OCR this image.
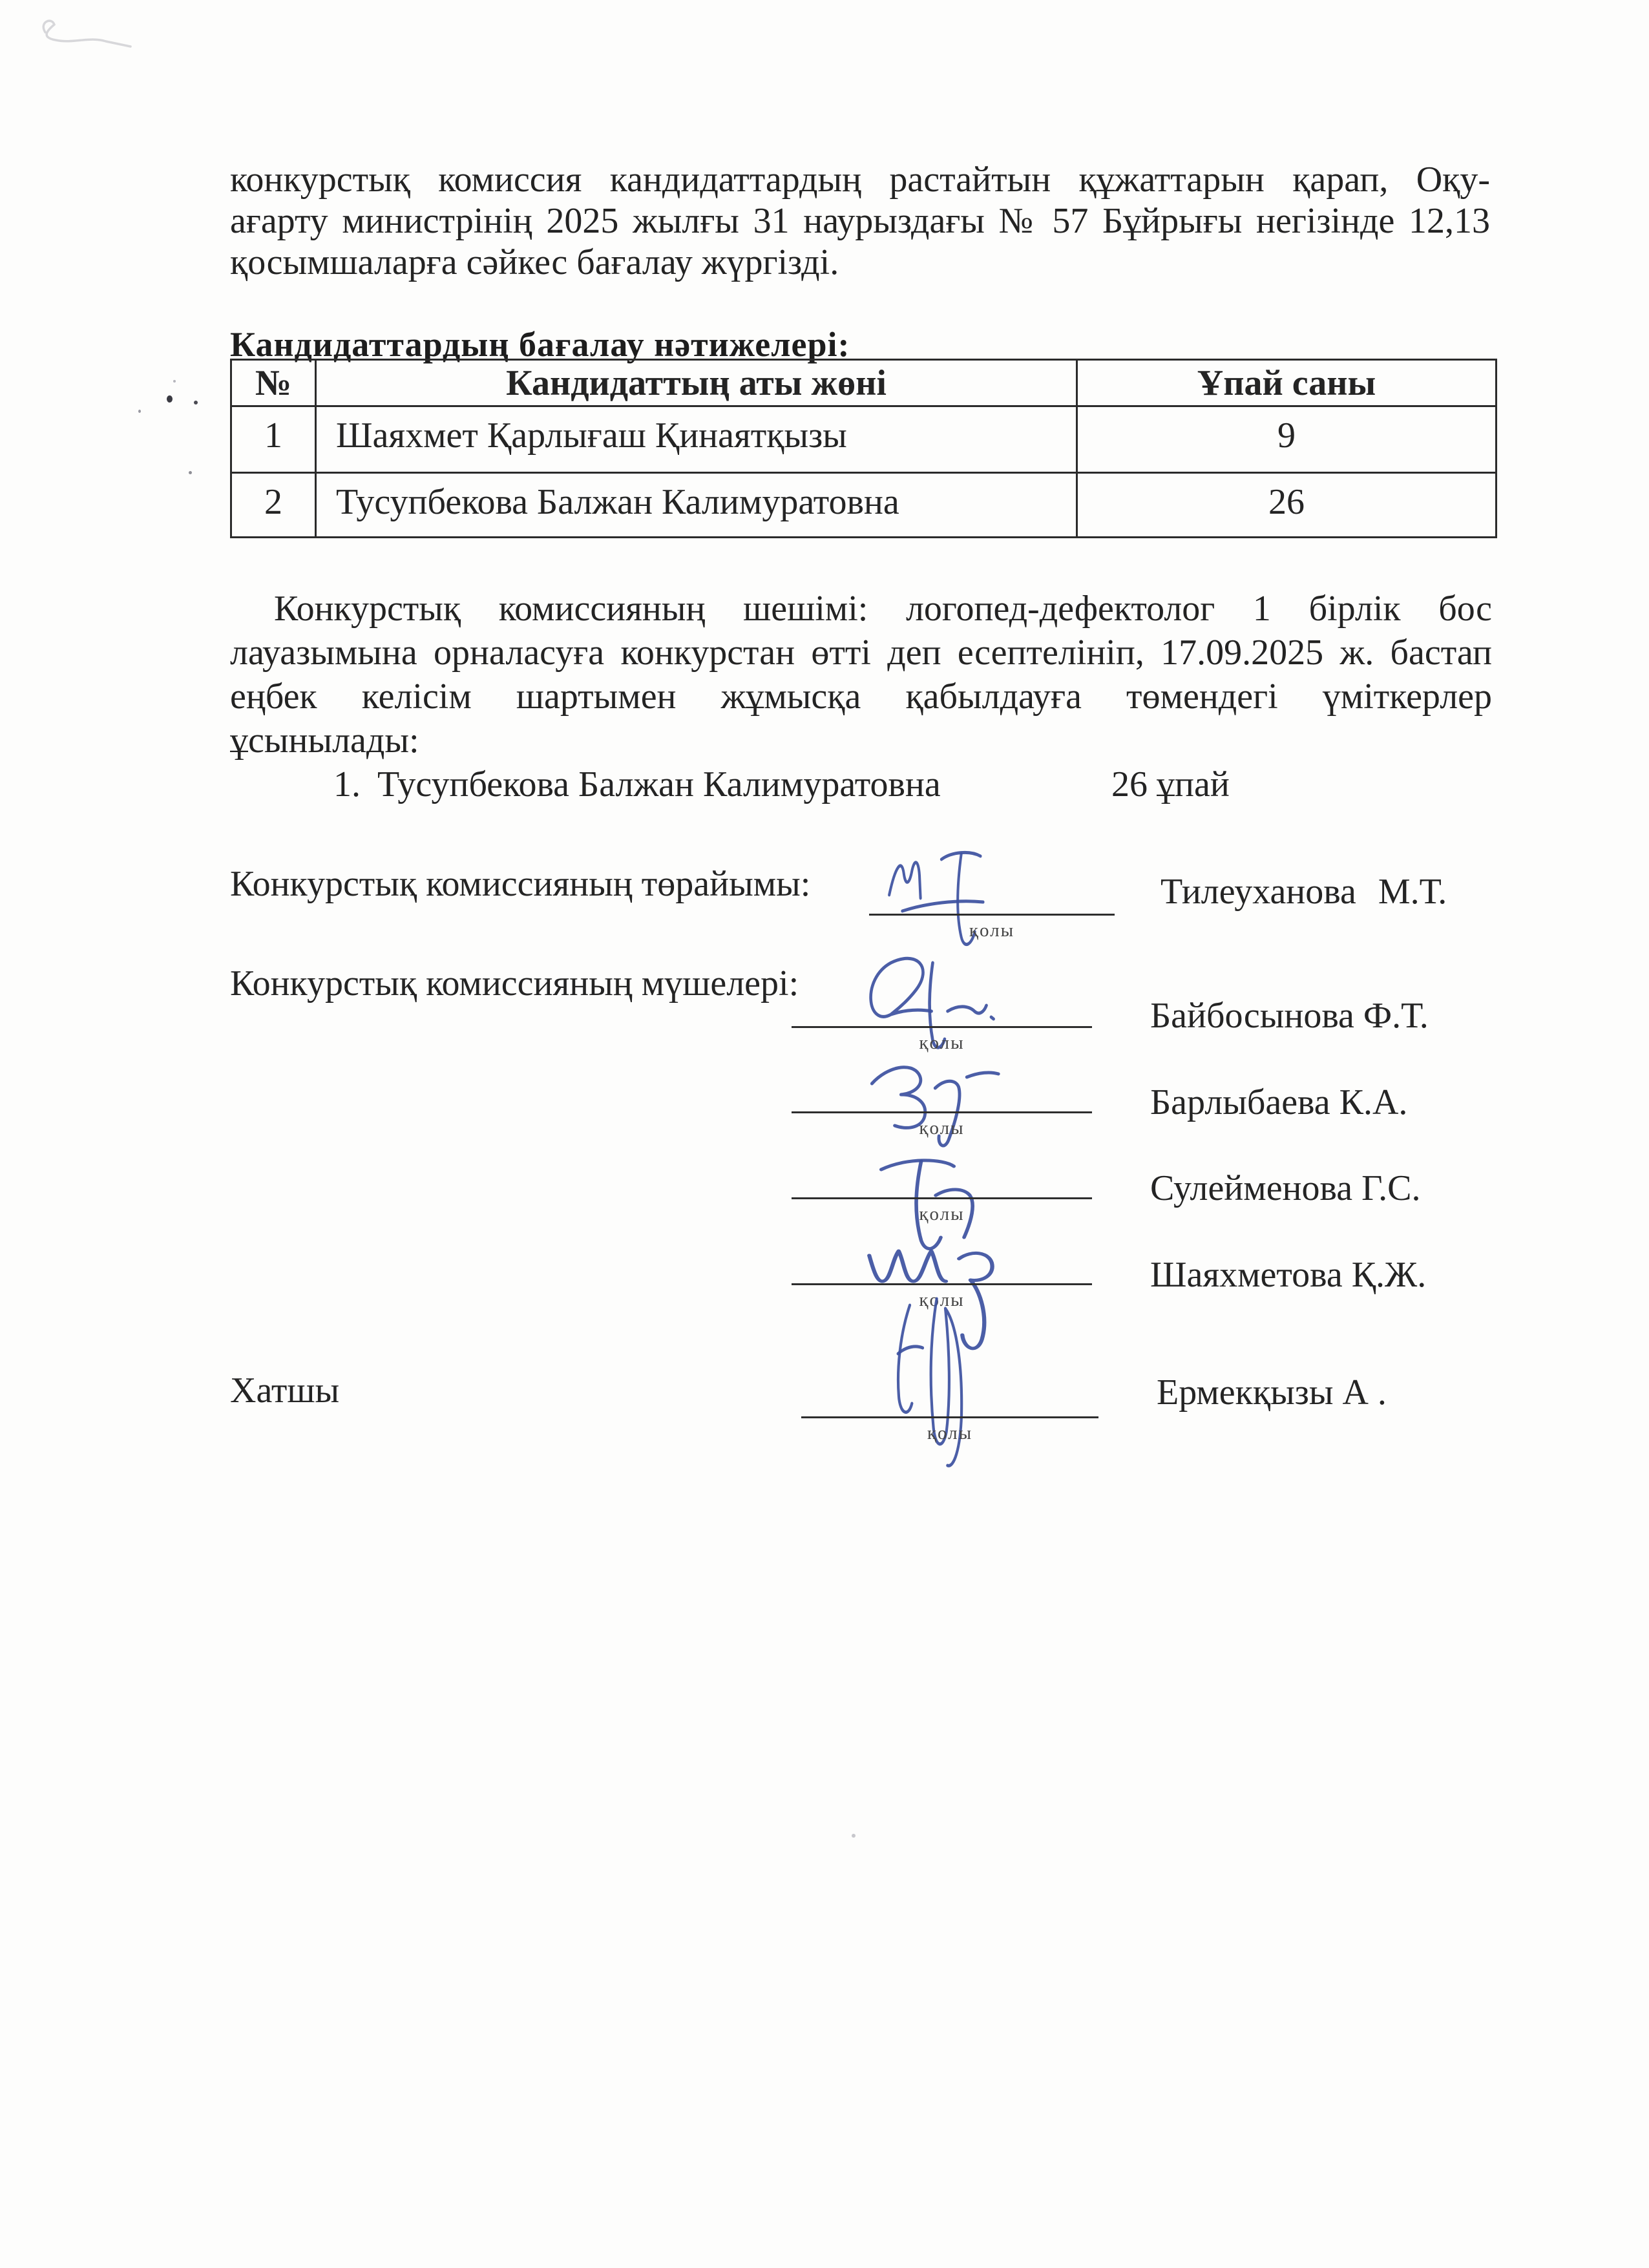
конкурстық комиссия кандидаттардың растайтын құжаттарын қарап, Оқу-
ағарту министрінің 2025 жылғы 31 наурыздағы № 57 Бұйрығы негізінде 12,13
қосымшаларға сәйкес бағалау жүргізді.
Кандидаттардың бағалау нәтижелері:
№	Кандидаттың аты жөні	Ұпай саны
1	Шаяхмет Қарлығаш Қинаятқызы	9
2	Тусупбекова Балжан Калимуратовна	26
Конкурстық комиссияның шешімі: логопед-дефектолог 1 бірлік бос
лауазымына орналасуға конкурстан өтті деп есептелініп, 17.09.2025 ж. бастап
еңбек келісім шартымен жұмысқа қабылдауға төмендегі үміткерлер
ұсынылады:
1. Тусупбекова Балжан Калимуратовна	26 ұпай
Конкурстық комиссияның төрайымы:
қолы
Тилеуханова М.Т.
Конкурстық комиссияның мүшелері:
қолы
Байбосынова Ф.Т.
қолы
Барлыбаева К.А.
қолы
Сулейменова Г.С.
қолы
Шаяхметова Қ.Ж.
Хатшы
қолы
Ермекқызы А .
